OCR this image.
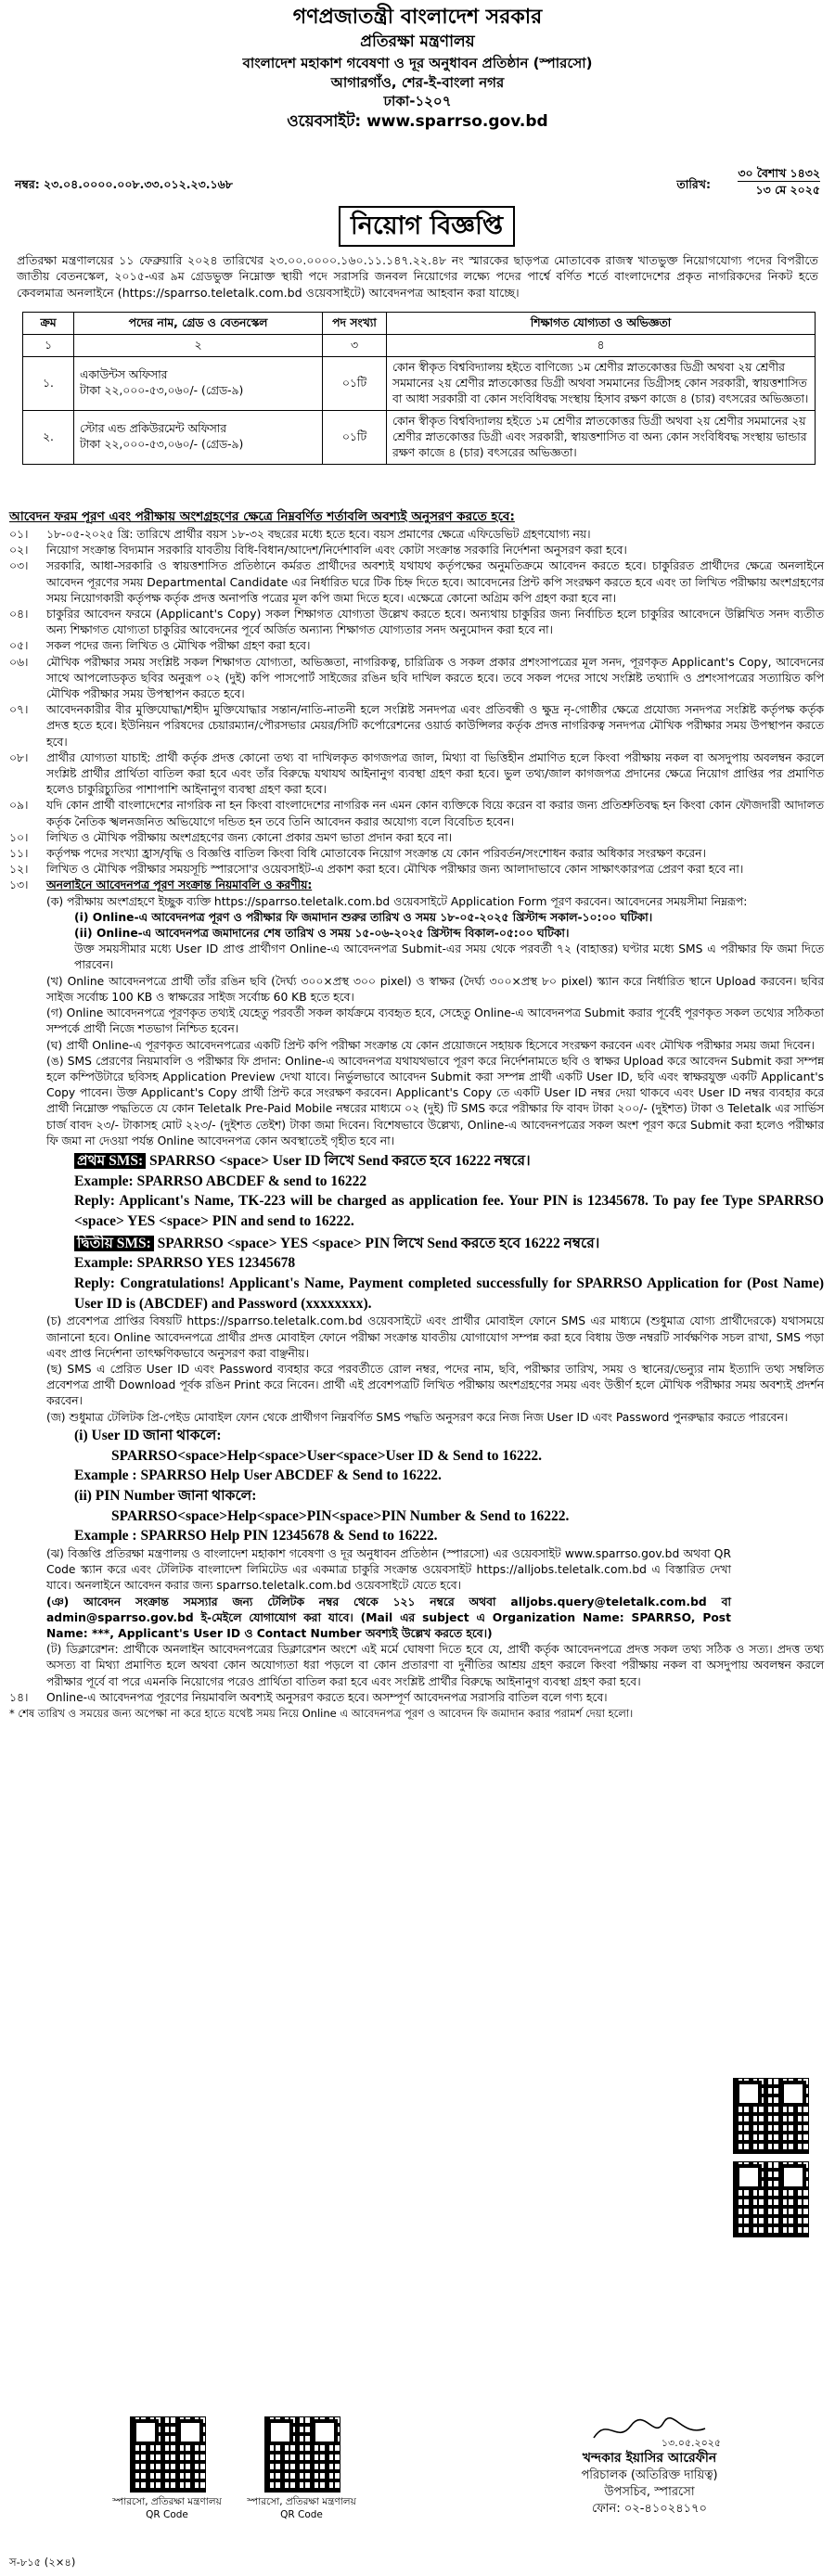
গণপ্রজাতন্ত্রী বাংলাদেশ সরকার
প্রতিরক্ষা মন্ত্রণালয়
বাংলাদেশ মহাকাশ গবেষণা ও দূর অনুধাবন প্রতিষ্ঠান (স্পারসো)
আগারগাঁও, শের-ই-বাংলা নগর
ঢাকা-১২০৭
ওয়েবসাইট: www.sparrso.gov.bd
নম্বর: ২৩.০৪.০০০০.০০৮.৩৩.০১২.২৩.১৬৮	তারিখ:
৩০ বৈশাখ ১৪৩২
১৩ মে ২০২৫
নিয়োগ বিজ্ঞপ্তি
প্রতিরক্ষা মন্ত্রণালয়ের ১১ ফেব্রুয়ারি ২০২৪ তারিখের ২৩.০০.০০০০.১৬০.১১.১৪৭.২২.৪৮ নং স্মারকের ছাড়পত্র মোতাবেক রাজস্ব খাতভুক্ত নিয়োগযোগ্য পদের বিপরীতে জাতীয় বেতনস্কেল, ২০১৫-এর ৯ম গ্রেডভুক্ত নিম্নোক্ত স্থায়ী পদে সরাসরি জনবল নিয়োগের লক্ষ্যে পদের পার্শ্বে বর্ণিত শর্তে বাংলাদেশের প্রকৃত নাগরিকদের নিকট হতে কেবলমাত্র অনলাইনে (https://sparrso.teletalk.com.bd ওয়েবসাইটে) আবেদনপত্র আহবান করা যাচ্ছে।
ক্রম	পদের নাম, গ্রেড ও বেতনস্কেল	পদ সংখ্যা	শিক্ষাগত যোগ্যতা ও অভিজ্ঞতা
১	২	৩	৪
১.	একাউন্টস অফিসার
টাকা ২২,০০০-৫৩,০৬০/- (গ্রেড-৯)	০১টি	কোন স্বীকৃত বিশ্ববিদ্যালয় হইতে বাণিজ্যে ১ম শ্রেণীর স্নাতকোত্তর ডিগ্রী অথবা ২য় শ্রেণীর সমমানের ২য় শ্রেণীর স্নাতকোত্তর ডিগ্রী অথবা সমমানের ডিগ্রীসহ কোন সরকারী, স্বায়ত্তশাসিত বা আধা সরকারী বা কোন সংবিধিবদ্ধ সংস্থায় হিসাব রক্ষণ কাজে ৪ (চার) বৎসরের অভিজ্ঞতা।
২.	স্টোর এন্ড প্রকিউরমেন্ট অফিসার
টাকা ২২,০০০-৫৩,০৬০/- (গ্রেড-৯)	০১টি	কোন স্বীকৃত বিশ্ববিদ্যালয় হইতে ১ম শ্রেণীর স্নাতকোত্তর ডিগ্রী অথবা ২য় শ্রেণীর সমমানের ২য় শ্রেণীর স্নাতকোত্তর ডিগ্রী এবং সরকারী, স্বায়ত্তশাসিত বা অন্য কোন সংবিধিবদ্ধ সংস্থায় ভান্ডার রক্ষণ কাজে ৪ (চার) বৎসরের অভিজ্ঞতা।
আবেদন ফরম পূরণ এবং পরীক্ষায় অংশগ্রহণের ক্ষেত্রে নিম্নবর্ণিত শর্তাবলি অবশ্যই অনুসরণ করতে হবে:
০১।	১৮-০৫-২০২৫ খ্রি: তারিখে প্রার্থীর বয়স ১৮-৩২ বছরের মধ্যে হতে হবে। বয়স প্রমাণের ক্ষেত্রে এফিডেভিট গ্রহণযোগ্য নয়।
০২।	নিয়োগ সংক্রান্ত বিদ্যমান সরকারি যাবতীয় বিধি-বিধান/আদেশ/নির্দেশাবলি এবং কোটা সংক্রান্ত সরকারি নির্দেশনা অনুসরণ করা হবে।
০৩।	সরকারি, আধা-সরকারি ও স্বায়ত্তশাসিত প্রতিষ্ঠানে কর্মরত প্রার্থীদের অবশ্যই যথাযথ কর্তৃপক্ষের অনুমতিক্রমে আবেদন করতে হবে। চাকুরিরত প্রার্থীদের ক্ষেত্রে অনলাইনে আবেদন পূরণের সময় Departmental Candidate এর নির্ধারিত ঘরে টিক চিহ্ন দিতে হবে। আবেদনের প্রিন্ট কপি সংরক্ষণ করতে হবে এবং তা লিখিত পরীক্ষায় অংশগ্রহণের সময় নিয়োগকারী কর্তৃপক্ষ কর্তৃক প্রদত্ত অনাপত্তি পত্রের মূল কপি জমা দিতে হবে। এক্ষেত্রে কোনো অগ্রিম কপি গ্রহণ করা হবে না।
০৪।	চাকুরির আবেদন ফরমে (Applicant's Copy) সকল শিক্ষাগত যোগ্যতা উল্লেখ করতে হবে। অন্যথায় চাকুরির জন্য নির্বাচিত হলে চাকুরির আবেদনে উল্লিখিত সনদ ব্যতীত অন্য শিক্ষাগত যোগ্যতা চাকুরির আবেদনের পূর্বে অর্জিত অন্যান্য শিক্ষাগত যোগ্যতার সনদ অনুমোদন করা হবে না।
০৫।	সকল পদের জন্য লিখিত ও মৌখিক পরীক্ষা গ্রহণ করা হবে।
০৬।	মৌখিক পরীক্ষার সময় সংশ্লিষ্ট সকল শিক্ষাগত যোগ্যতা, অভিজ্ঞতা, নাগরিকত্ব, চারিত্রিক ও সকল প্রকার প্রশংসাপত্রের মূল সনদ, পূরণকৃত Applicant's Copy, আবেদনের সাথে আপলোডকৃত ছবির অনুরূপ ০২ (দুই) কপি পাসপোর্ট সাইজের রঙিন ছবি দাখিল করতে হবে। তবে সকল পদের সাথে সংশ্লিষ্ট তথ্যাদি ও প্রশংসাপত্রের সত্যায়িত কপি মৌখিক পরীক্ষার সময় উপস্থাপন করতে হবে।
০৭।	আবেদনকারীর বীর মুক্তিযোদ্ধা/শহীদ মুক্তিযোদ্ধার সন্তান/নাতি-নাতনী হলে সংশ্লিষ্ট সনদপত্র এবং প্রতিবন্ধী ও ক্ষুদ্র নৃ-গোষ্ঠীর ক্ষেত্রে প্রযোজ্য সনদপত্র সংশ্লিষ্ট কর্তৃপক্ষ কর্তৃক প্রদত্ত হতে হবে। ইউনিয়ন পরিষদের চেয়ারম্যান/পৌরসভার মেয়র/সিটি কর্পোরেশনের ওয়ার্ড কাউন্সিলর কর্তৃক প্রদত্ত নাগরিকত্ব সনদপত্র মৌখিক পরীক্ষার সময় উপস্থাপন করতে হবে।
০৮।	প্রার্থীর যোগ্যতা যাচাই: প্রার্থী কর্তৃক প্রদত্ত কোনো তথ্য বা দাখিলকৃত কাগজপত্র জাল, মিথ্যা বা ভিত্তিহীন প্রমাণিত হলে কিংবা পরীক্ষায় নকল বা অসদুপায় অবলম্বন করলে সংশ্লিষ্ট প্রার্থীর প্রার্থিতা বাতিল করা হবে এবং তাঁর বিরুদ্ধে যথাযথ আইনানুগ ব্যবস্থা গ্রহণ করা হবে। ভুল তথ্য/জাল কাগজপত্র প্রদানের ক্ষেত্রে নিয়োগ প্রাপ্তির পর প্রমাণিত হলেও চাকুরিচ্যুতির পাশাপাশি আইনানুগ ব্যবস্থা গ্রহণ করা হবে।
০৯।	যদি কোন প্রার্থী বাংলাদেশের নাগরিক না হন কিংবা বাংলাদেশের নাগরিক নন এমন কোন ব্যক্তিকে বিয়ে করেন বা করার জন্য প্রতিশ্রুতিবদ্ধ হন কিংবা কোন ফৌজদারী আদালত কর্তৃক নৈতিক স্খলনজনিত অভিযোগে দন্ডিত হন তবে তিনি আবেদন করার অযোগ্য বলে বিবেচিত হবেন।
১০।	লিখিত ও মৌখিক পরীক্ষায় অংশগ্রহণের জন্য কোনো প্রকার ভ্রমণ ভাতা প্রদান করা হবে না।
১১।	কর্তৃপক্ষ পদের সংখ্যা হ্রাস/বৃদ্ধি ও বিজ্ঞপ্তি বাতিল কিংবা বিধি মোতাবেক নিয়োগ সংক্রান্ত যে কোন পরিবর্তন/সংশোধন করার অধিকার সংরক্ষণ করেন।
১২।	লিখিত ও মৌখিক পরীক্ষার সময়সূচি স্পারসো'র ওয়েবসাইট-এ প্রকাশ করা হবে। মৌখিক পরীক্ষার জন্য আলাদাভাবে কোন সাক্ষাৎকারপত্র প্রেরণ করা হবে না।
১৩।	অনলাইনে আবেদনপত্র পূরণ সংক্রান্ত নিয়মাবলি ও করণীয়:
(ক) পরীক্ষায় অংশগ্রহণে ইচ্ছুক ব্যক্তি https://sparrso.teletalk.com.bd ওয়েবসাইটে Application Form পূরণ করবেন। আবেদনের সময়সীমা নিম্নরূপ:
(i) Online-এ আবেদনপত্র পূরণ ও পরীক্ষার ফি জমাদান শুরুর তারিখ ও সময় ১৮-০৫-২০২৫ খ্রিস্টাব্দ সকাল-১০:০০ ঘটিকা।
(ii) Online-এ আবেদনপত্র জমাদানের শেষ তারিখ ও সময় ১৫-০৬-২০২৫ খ্রিস্টাব্দ বিকাল-০৫:০০ ঘটিকা।
উক্ত সময়সীমার মধ্যে User ID প্রাপ্ত প্রার্থীগণ Online-এ আবেদনপত্র Submit-এর সময় থেকে পরবর্তী ৭২ (বাহাত্তর) ঘণ্টার মধ্যে SMS এ পরীক্ষার ফি জমা দিতে পারবেন।
(খ) Online আবেদনপত্রে প্রার্থী তাঁর রঙিন ছবি (দৈর্ঘ্য ৩০০×প্রস্থ ৩০০ pixel) ও স্বাক্ষর (দৈর্ঘ্য ৩০০×প্রস্থ ৮০ pixel) স্ক্যান করে নির্ধারিত স্থানে Upload করবেন। ছবির সাইজ সর্বোচ্চ 100 KB ও স্বাক্ষরের সাইজ সর্বোচ্চ 60 KB হতে হবে।
(গ) Online আবেদনপত্রে পূরণকৃত তথ্যই যেহেতু পরবর্তী সকল কার্যক্রমে ব্যবহৃত হবে, সেহেতু Online-এ আবেদনপত্র Submit করার পূর্বেই পূরণকৃত সকল তথ্যের সঠিকতা সম্পর্কে প্রার্থী নিজে শতভাগ নিশ্চিত হবেন।
(ঘ) প্রার্থী Online-এ পূরণকৃত আবেদনপত্রের একটি প্রিন্ট কপি পরীক্ষা সংক্রান্ত যে কোন প্রয়োজনে সহায়ক হিসেবে সংরক্ষণ করবেন এবং মৌখিক পরীক্ষার সময় জমা দিবেন।
(ঙ) SMS প্রেরণের নিয়মাবলি ও পরীক্ষার ফি প্রদান: Online-এ আবেদনপত্র যথাযথভাবে পূরণ করে নির্দেশনামতে ছবি ও স্বাক্ষর Upload করে আবেদন Submit করা সম্পন্ন হলে কম্পিউটারে ছবিসহ Application Preview দেখা যাবে। নির্ভুলভাবে আবেদন Submit করা সম্পন্ন প্রার্থী একটি User ID, ছবি এবং স্বাক্ষরযুক্ত একটি Applicant's Copy পাবেন। উক্ত Applicant's Copy প্রার্থী প্রিন্ট করে সংরক্ষণ করবেন। Applicant's Copy তে একটি User ID নম্বর দেয়া থাকবে এবং User ID নম্বর ব্যবহার করে প্রার্থী নিম্নোক্ত পদ্ধতিতে যে কোন Teletalk Pre-Paid Mobile নম্বরের মাধ্যমে ০২ (দুই) টি SMS করে পরীক্ষার ফি বাবদ টাকা ২০০/- (দুইশত) টাকা ও Teletalk এর সার্ভিস চার্জ বাবদ ২৩/- টাকাসহ মোট ২২৩/- (দুইশত তেইশ) টাকা জমা দিবেন। বিশেষভাবে উল্লেখ্য, Online-এ আবেদনপত্রের সকল অংশ পূরণ করে Submit করা হলেও পরীক্ষার ফি জমা না দেওয়া পর্যন্ত Online আবেদনপত্র কোন অবস্থাতেই গৃহীত হবে না।
প্রথম SMS: SPARRSO <space> User ID লিখে Send করতে হবে 16222 নম্বরে।
Example: SPARRSO ABCDEF & send to 16222
Reply: Applicant's Name, TK-223 will be charged as application fee. Your PIN is 12345678. To pay fee Type SPARRSO <space> YES <space> PIN and send to 16222.
দ্বিতীয় SMS: SPARRSO <space> YES <space> PIN লিখে Send করতে হবে 16222 নম্বরে।
Example: SPARRSO YES 12345678
Reply: Congratulations! Applicant's Name, Payment completed successfully for SPARRSO Application for (Post Name) User ID is (ABCDEF) and Password (xxxxxxxx).
(চ) প্রবেশপত্র প্রাপ্তির বিষয়টি https://sparrso.teletalk.com.bd ওয়েবসাইটে এবং প্রার্থীর মোবাইল ফোনে SMS এর মাধ্যমে (শুধুমাত্র যোগ্য প্রার্থীদেরকে) যথাসময়ে জানানো হবে। Online আবেদনপত্রে প্রার্থীর প্রদত্ত মোবাইল ফোনে পরীক্ষা সংক্রান্ত যাবতীয় যোগাযোগ সম্পন্ন করা হবে বিধায় উক্ত নম্বরটি সার্বক্ষণিক সচল রাখা, SMS পড়া এবং প্রাপ্ত নির্দেশনা তাৎক্ষণিকভাবে অনুসরণ করা বাঞ্ছনীয়।
(ছ) SMS এ প্রেরিত User ID এবং Password ব্যবহার করে পরবর্তীতে রোল নম্বর, পদের নাম, ছবি, পরীক্ষার তারিখ, সময় ও স্থানের/ভেন্যুর নাম ইত্যাদি তথ্য সম্বলিত প্রবেশপত্র প্রার্থী Download পূর্বক রঙিন Print করে নিবেন। প্রার্থী এই প্রবেশপত্রটি লিখিত পরীক্ষায় অংশগ্রহণের সময় এবং উত্তীর্ণ হলে মৌখিক পরীক্ষার সময় অবশ্যই প্রদর্শন করবেন।
(জ) শুধুমাত্র টেলিটক প্রি-পেইড মোবাইল ফোন থেকে প্রার্থীগণ নিম্নবর্ণিত SMS পদ্ধতি অনুসরণ করে নিজ নিজ User ID এবং Password পুনরুদ্ধার করতে পারবেন।
(i) User ID জানা থাকলে:
SPARRSO<space>Help<space>User<space>User ID & Send to 16222.
Example : SPARRSO Help User ABCDEF & Send to 16222.
(ii) PIN Number জানা থাকলে:
SPARRSO<space>Help<space>PIN<space>PIN Number & Send to 16222.
Example : SPARRSO Help PIN 12345678 & Send to 16222.
(ঝ) বিজ্ঞপ্তি প্রতিরক্ষা মন্ত্রণালয় ও বাংলাদেশ মহাকাশ গবেষণা ও দূর অনুধাবন প্রতিষ্ঠান (স্পারসো) এর ওয়েবসাইট www.sparrso.gov.bd অথবা QR Code স্ক্যান করে এবং টেলিটক বাংলাদেশ লিমিটেড এর একমাত্র চাকুরি সংক্রান্ত ওয়েবসাইট https://alljobs.teletalk.com.bd এ বিস্তারিত দেখা যাবে। অনলাইনে আবেদন করার জন্য sparrso.teletalk.com.bd ওয়েবসাইটে যেতে হবে।
(ঞ) আবেদন সংক্রান্ত সমস্যার জন্য টেলিটক নম্বর থেকে ১২১ নম্বরে অথবা alljobs.query@teletalk.com.bd বা admin@sparrso.gov.bd ই-মেইলে যোগাযোগ করা যাবে। (Mail এর subject এ Organization Name: SPARRSO, Post Name: ***, Applicant's User ID ও Contact Number অবশ্যই উল্লেখ করতে হবে।)
(ট) ডিক্লারেশন: প্রার্থীকে অনলাইন আবেদনপত্রের ডিক্লারেশন অংশে এই মর্মে ঘোষণা দিতে হবে যে, প্রার্থী কর্তৃক আবেদনপত্রে প্রদত্ত সকল তথ্য সঠিক ও সত্য। প্রদত্ত তথ্য অসত্য বা মিথ্যা প্রমাণিত হলে অথবা কোন অযোগ্যতা ধরা পড়লে বা কোন প্রতারণা বা দুর্নীতির আশ্রয় গ্রহণ করলে কিংবা পরীক্ষায় নকল বা অসদুপায় অবলম্বন করলে পরীক্ষার পূর্বে বা পরে এমনকি নিয়োগের পরেও প্রার্থিতা বাতিল করা হবে এবং সংশ্লিষ্ট প্রার্থীর বিরুদ্ধে আইনানুগ ব্যবস্থা গ্রহণ করা হবে।
১৪।	Online-এ আবেদনপত্র পূরণের নিয়মাবলি অবশ্যই অনুসরণ করতে হবে। অসম্পূর্ণ আবেদনপত্র সরাসরি বাতিল বলে গণ্য হবে।
* শেষ তারিখ ও সময়ের জন্য অপেক্ষা না করে হাতে যথেষ্ট সময় নিয়ে Online এ আবেদনপত্র পূরণ ও আবেদন ফি জমাদান করার পরামর্শ দেয়া হলো।
স্পারসো, প্রতিরক্ষা মন্ত্রণালয়
QR Code
স্পারসো, প্রতিরক্ষা মন্ত্রণালয়
QR Code
১৩.০৫.২০২৫
খন্দকার ইয়াসির আরেফীন
পরিচালক (অতিরিক্ত দায়িত্ব)
উপসচিব, স্পারসো
ফোন: ০২-৪১০২৪১৭০
স-৮১৫ (২×৪)
